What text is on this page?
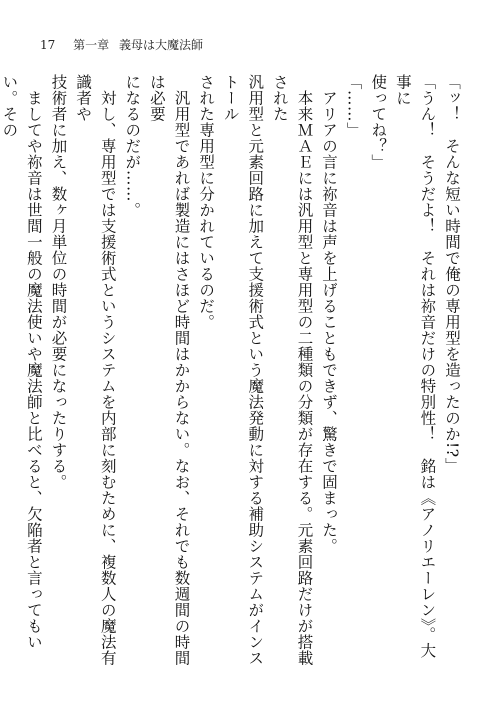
17 第一章 義母は大魔法師

「ッ！　そんな短い時間で俺の専用型を造ったのか!?」

「うん！　そうだよ！　それは祢音だけの特別性！　銘は《アノリエーレン》。大事に

使ってね？」

「……」

　アリアの言に祢音は声を上げることもできず、驚きで固まった。

　本来ＭＡＥには汎用型と専用型の二種類の分類が存在する。元素回路だけが搭載された

汎用型と元素回路に加えて支援術式という魔法発動に対する補助システムがインストール

された専用型に分かれているのだ。

　汎用型であれば製造にはさほど時間はかからない。なお、それでも数週間の時間は必要

になるのだが……。

　対し、専用型では支援術式というシステムを内部に刻むために、複数人の魔法有識者や

技術者に加え、数ヶ月単位の時間が必要になったりする。

　ましてや祢音は世間一般の魔法使いや魔法師と比べると、欠陥者と言ってもいい。その
